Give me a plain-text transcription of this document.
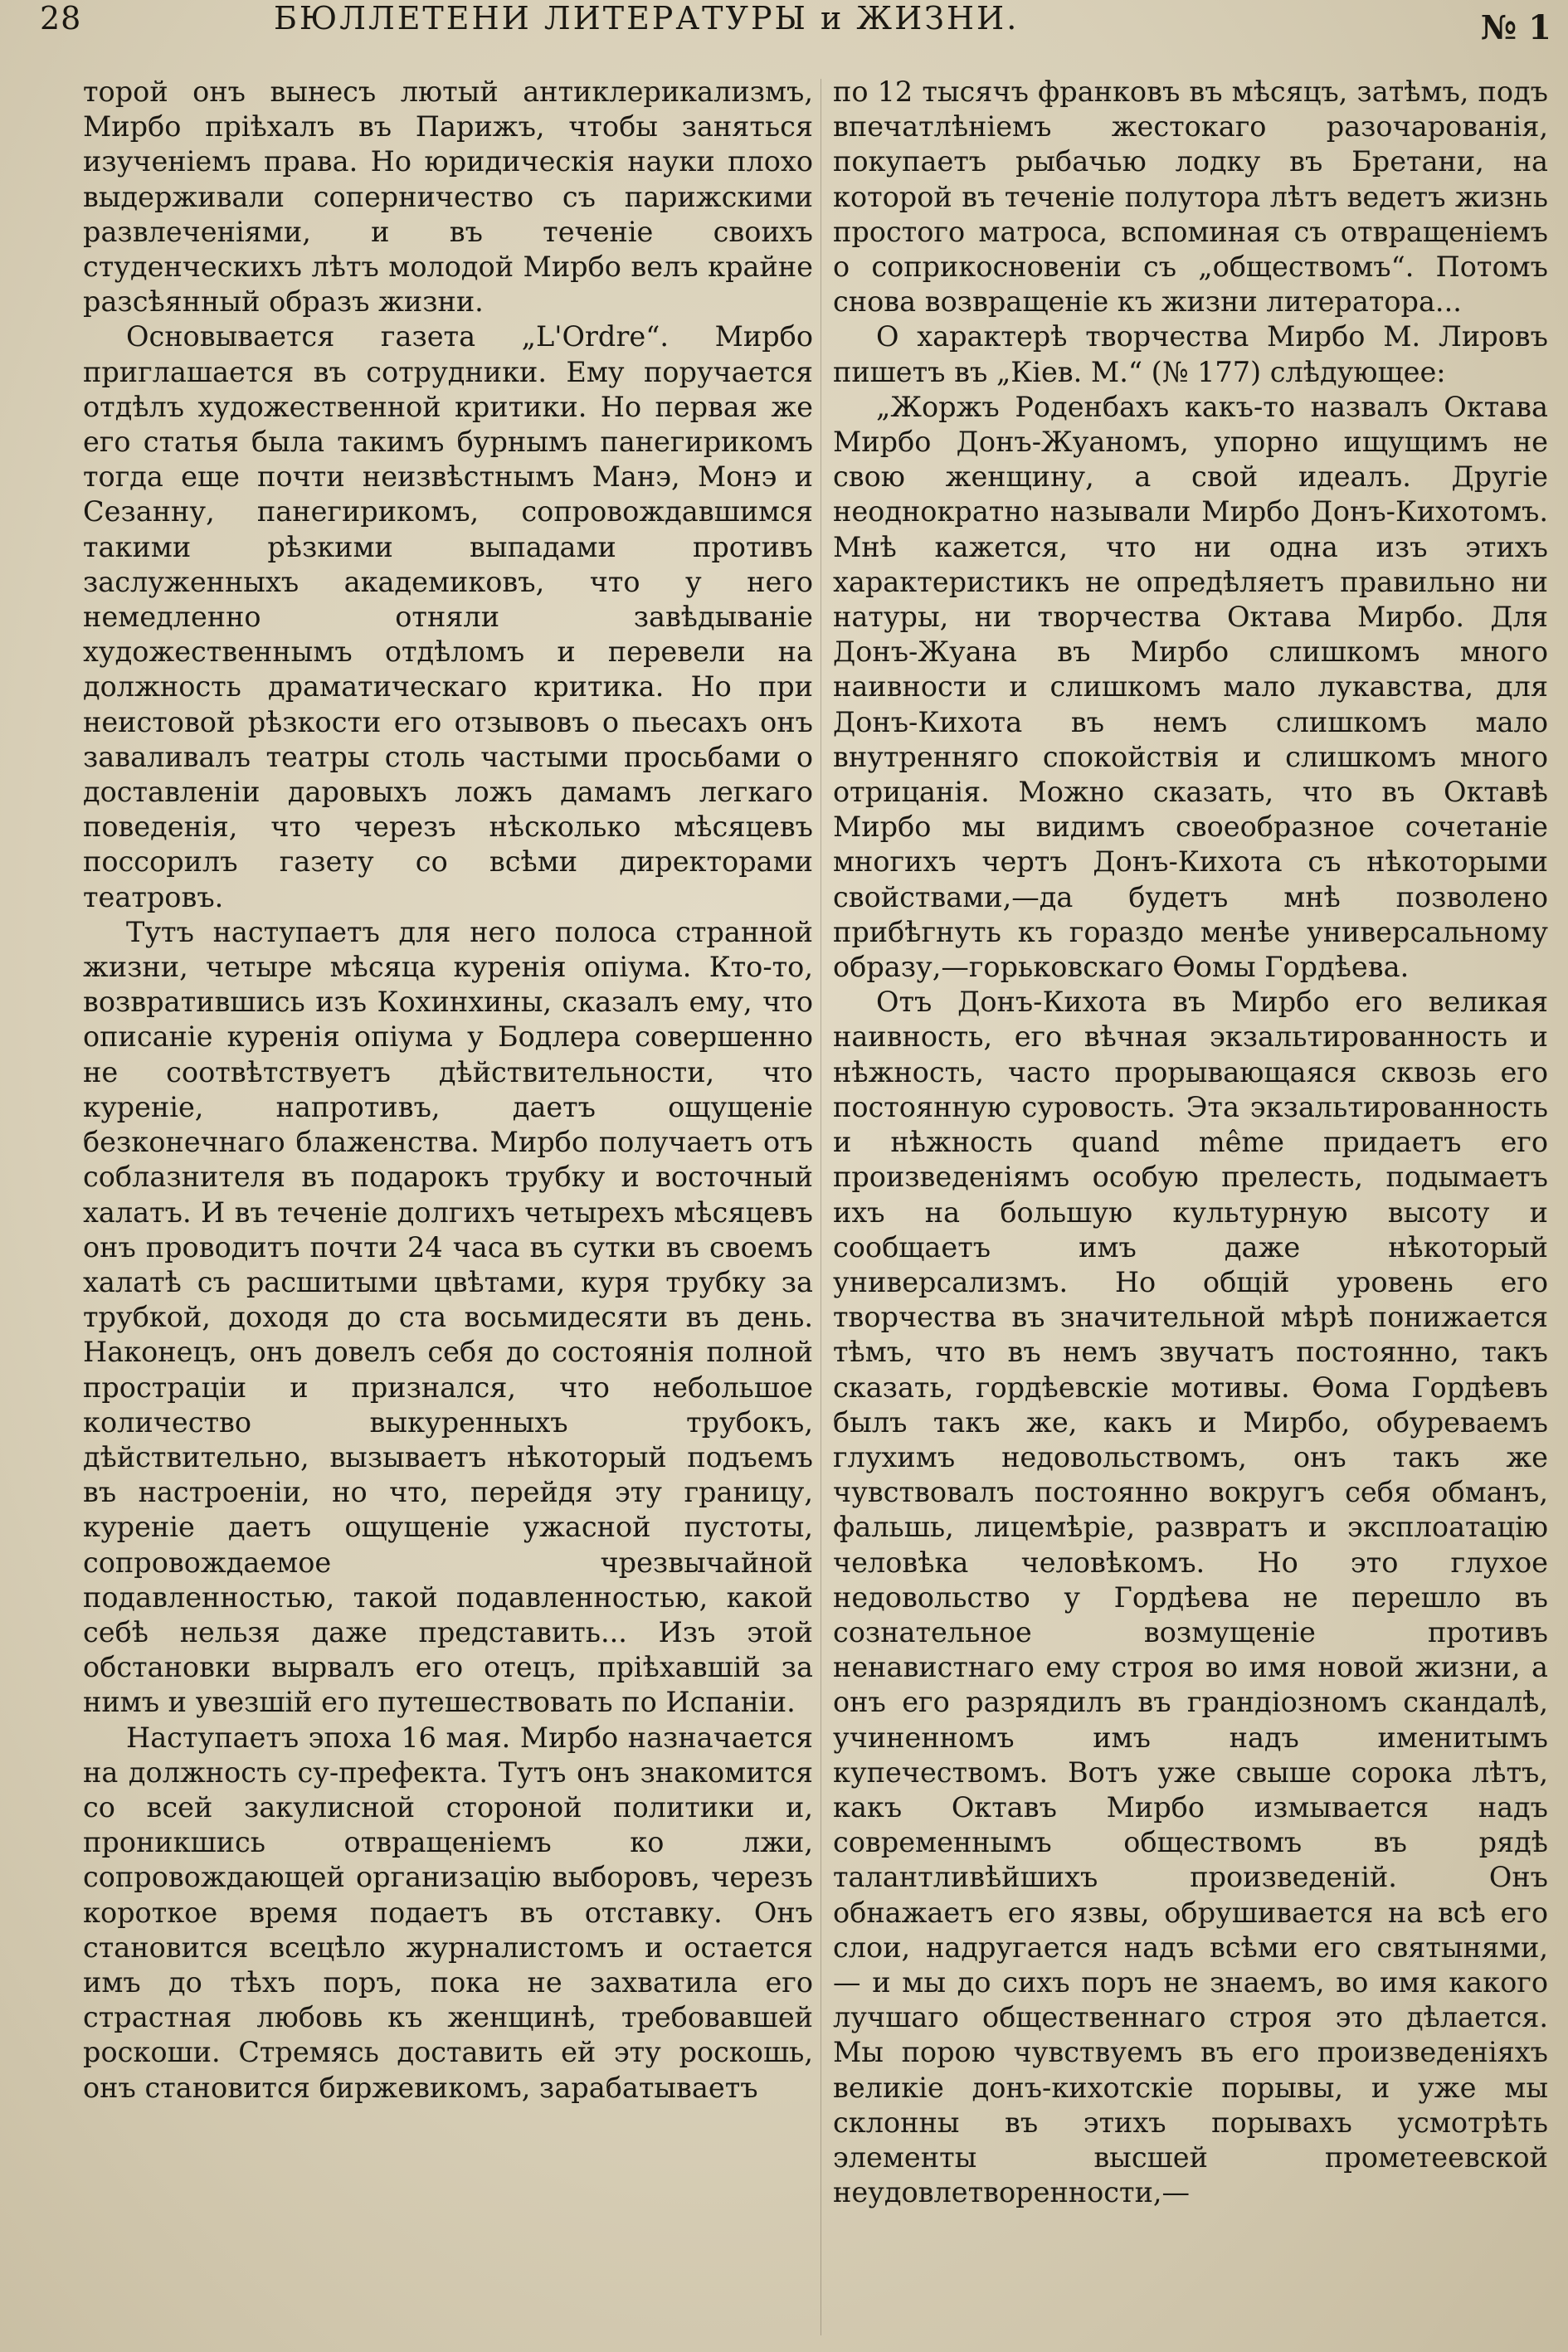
28	БЮЛЛЕТЕНИ ЛИТЕРАТУРЫ и ЖИЗНИ.	№ 1

торой онъ вынесъ лютый антиклерикализмъ, Мирбо пріѣхалъ въ Парижъ, чтобы заняться изученіемъ права. Но юридическія науки плохо выдерживали соперничество съ парижскими развлеченіями, и въ теченіе своихъ студенческихъ лѣтъ молодой Мирбо велъ крайне разсѣянный образъ жизни.

Основывается газета „L'Ordre“. Мирбо приглашается въ сотрудники. Ему поручается отдѣлъ художественной критики. Но первая же его статья была такимъ бурнымъ панегирикомъ тогда еще почти неизвѣстнымъ Манэ, Монэ и Сезанну, панегирикомъ, сопровождавшимся такими рѣзкими выпадами противъ заслуженныхъ академиковъ, что у него немедленно отняли завѣдываніе художественнымъ отдѣломъ и перевели на должность драматическаго критика. Но при неистовой рѣзкости его отзывовъ о пьесахъ онъ заваливалъ театры столь частыми просьбами о доставленіи даровыхъ ложъ дамамъ легкаго поведенія, что черезъ нѣсколько мѣсяцевъ поссорилъ газету со всѣми директорами театровъ.

Тутъ наступаетъ для него полоса странной жизни, четыре мѣсяца куренія опіума. Кто-то, возвратившись изъ Кохинхины, сказалъ ему, что описаніе куренія опіума у Бодлера совершенно не соотвѣтствуетъ дѣйствительности, что куреніе, напротивъ, даетъ ощущеніе безконечнаго блаженства. Мирбо получаетъ отъ соблазнителя въ подарокъ трубку и восточный халатъ. И въ теченіе долгихъ четырехъ мѣсяцевъ онъ проводитъ почти 24 часа въ сутки въ своемъ халатѣ съ расшитыми цвѣтами, куря трубку за трубкой, доходя до ста восьмидесяти въ день. Наконецъ, онъ довелъ себя до состоянія полной прострацiи и признался, что небольшое количество выкуренныхъ трубокъ, дѣйствительно, вызываетъ нѣкоторый подъемъ въ настроеніи, но что, перейдя эту границу, куреніе даетъ ощущеніе ужасной пустоты, сопровождаемое чрезвычайной подавленностью, такой подавленностью, какой себѣ нельзя даже представить... Изъ этой обстановки вырвалъ его отецъ, пріѣхавшій за нимъ и увезшій его путешествовать по Испаніи.

Наступаетъ эпоха 16 мая. Мирбо назначается на должность су-префекта. Тутъ онъ знакомится со всей закулисной стороной политики и, проникшись отвращеніемъ ко лжи, сопровождающей организацію выборовъ, черезъ короткое время подаетъ въ отставку. Онъ становится всецѣло журналистомъ и остается имъ до тѣхъ поръ, пока не захватила его страстная любовь къ женщинѣ, требовавшей роскоши. Стремясь доставить ей эту роскошь, онъ становится биржевикомъ, зарабатываетъ

по 12 тысячъ франковъ въ мѣсяцъ, затѣмъ, подъ впечатлѣніемъ жестокаго разочарованія, покупаетъ рыбачью лодку въ Бретани, на которой въ теченіе полутора лѣтъ ведетъ жизнь простого матроса, вспоминая съ отвращеніемъ о соприкосновеніи съ „обществомъ“. Потомъ снова возвращеніе къ жизни литератора...

О характерѣ творчества Мирбо М. Лировъ пишетъ въ „Кiев. М.“ (№ 177) слѣдующее:

„Жоржъ Роденбахъ какъ-то назвалъ Октава Мирбо Донъ-Жуаномъ, упорно ищущимъ не свою женщину, а свой идеалъ. Другіе неоднократно называли Мирбо Донъ-Кихотомъ. Мнѣ кажется, что ни одна изъ этихъ характеристикъ не опредѣляетъ правильно ни натуры, ни творчества Октава Мирбо. Для Донъ-Жуана въ Мирбо слишкомъ много наивности и слишкомъ мало лукавства, для Донъ-Кихота въ немъ слишкомъ мало внутренняго спокойствія и слишкомъ много отрицанія. Можно сказать, что въ Октавѣ Мирбо мы видимъ своеобразное сочетаніе многихъ чертъ Донъ-Кихота съ нѣкоторыми свойствами,—да будетъ мнѣ позволено прибѣгнуть къ гораздо менѣе универсальному образу,—горьковскаго Ѳомы Гордѣева.

Отъ Донъ-Кихота въ Мирбо его великая наивность, его вѣчная экзальтированность и нѣжность, часто прорывающаяся сквозь его постоянную суровость. Эта экзальтированность и нѣжность quand même придаетъ его произведеніямъ особую прелесть, подымаетъ ихъ на большую культурную высоту и сообщаетъ имъ даже нѣкоторый универсализмъ. Но общій уровень его творчества въ значительной мѣрѣ понижается тѣмъ, что въ немъ звучатъ постоянно, такъ сказать, гордѣевскіе мотивы. Ѳома Гордѣевъ былъ такъ же, какъ и Мирбо, обуреваемъ глухимъ недовольствомъ, онъ такъ же чувствовалъ постоянно вокругъ себя обманъ, фальшь, лицемѣріе, развратъ и эксплоатацію человѣка человѣкомъ. Но это глухое недовольство у Гордѣева не перешло въ сознательное возмущеніе противъ ненавистнаго ему строя во имя новой жизни, а онъ его разрядилъ въ грандіозномъ скандалѣ, учиненномъ имъ надъ именитымъ купечествомъ. Вотъ уже свыше сорока лѣтъ, какъ Октавъ Мирбо измывается надъ современнымъ обществомъ въ рядѣ талантливѣйшихъ произведеній. Онъ обнажаетъ его язвы, обрушивается на всѣ его слои, надругается надъ всѣми его святынями, — и мы до сихъ поръ не знаемъ, во имя какого лучшаго общественнаго строя это дѣлается. Мы порою чувствуемъ въ его произведеніяхъ великіе донъ-кихотскіе порывы, и уже мы склонны въ этихъ порывахъ усмотрѣть элементы высшей прометеевской неудовлетворенности,—
